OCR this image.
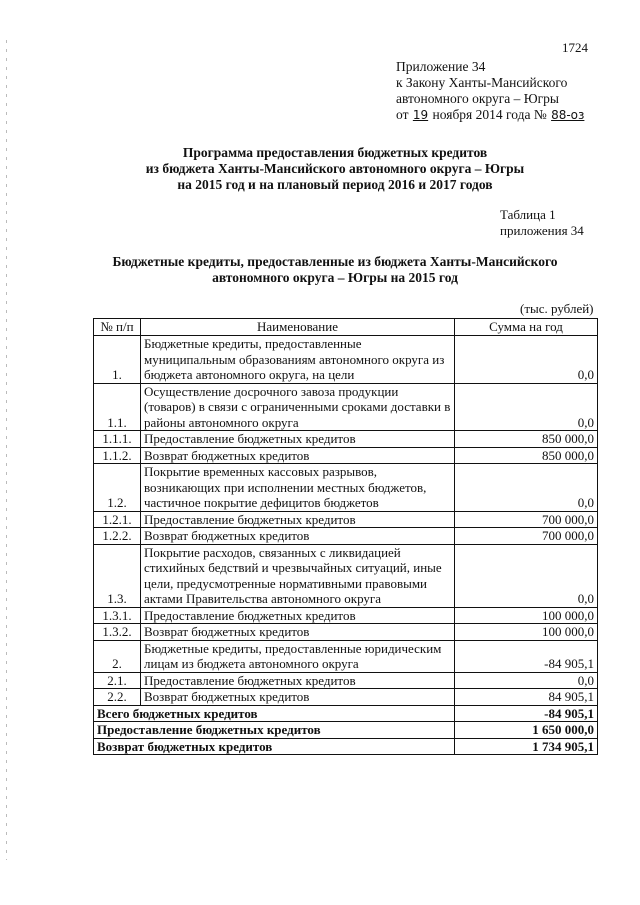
1724
Приложение 34
к Закону Ханты-Мансийского
автономного округа – Югры
от 19 ноября 2014 года № 88-оз
Программа предоставления бюджетных кредитов
из бюджета Ханты-Мансийского автономного округа – Югры
на 2015 год и на плановый период 2016 и 2017 годов
Таблица 1
приложения 34
Бюджетные кредиты, предоставленные из бюджета Ханты-Мансийского
автономного округа – Югры на 2015 год
(тыс. рублей)
№ п/п	Наименование	Сумма на год
1.	Бюджетные кредиты, предоставленные муниципальным образованиям автономного округа из бюджета автономного округа, на цели	0,0
1.1.	Осуществление досрочного завоза продукции (товаров) в связи с ограниченными сроками доставки в районы автономного округа	0,0
1.1.1.	Предоставление бюджетных кредитов	850 000,0
1.1.2.	Возврат бюджетных кредитов	850 000,0
1.2.	Покрытие временных кассовых разрывов, возникающих при исполнении местных бюджетов, частичное покрытие дефицитов бюджетов	0,0
1.2.1.	Предоставление бюджетных кредитов	700 000,0
1.2.2.	Возврат бюджетных кредитов	700 000,0
1.3.	Покрытие расходов, связанных с ликвидацией стихийных бедствий и чрезвычайных ситуаций, иные цели, предусмотренные нормативными правовыми актами Правительства автономного округа	0,0
1.3.1.	Предоставление бюджетных кредитов	100 000,0
1.3.2.	Возврат бюджетных кредитов	100 000,0
2.	Бюджетные кредиты, предоставленные юридическим лицам из бюджета автономного округа	-84 905,1
2.1.	Предоставление бюджетных кредитов	0,0
2.2.	Возврат бюджетных кредитов	84 905,1
Всего бюджетных кредитов		-84 905,1
Предоставление бюджетных кредитов		1 650 000,0
Возврат бюджетных кредитов		1 734 905,1
